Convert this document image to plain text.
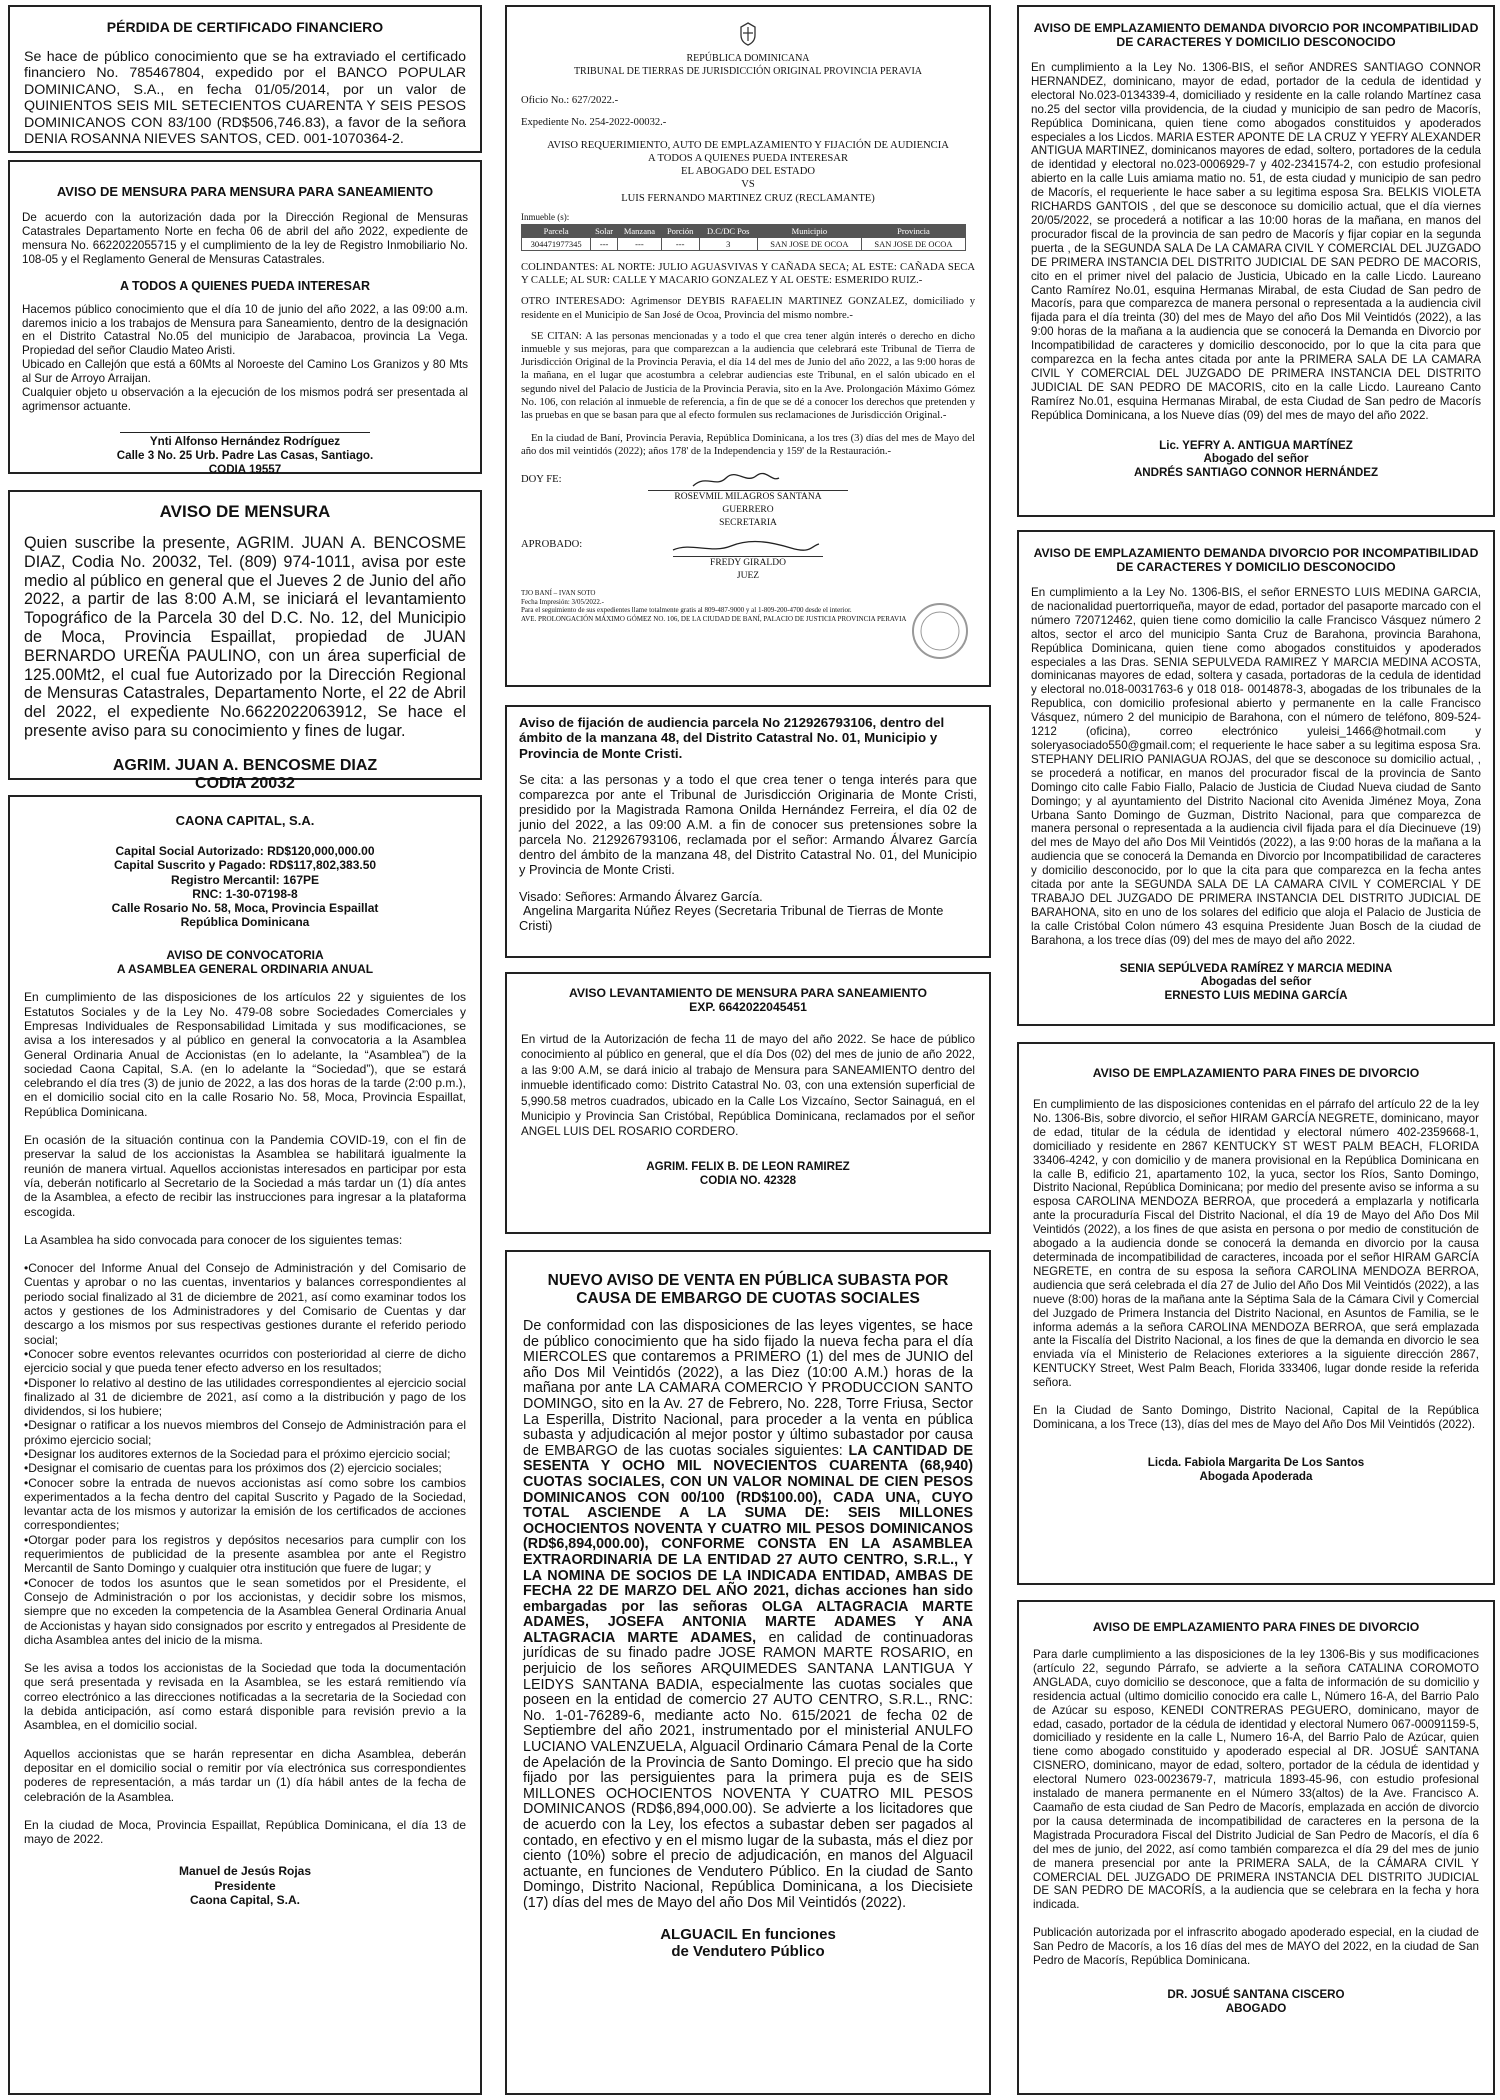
PÉRDIDA DE CERTIFICADO FINANCIERO

Se hace de público conocimiento que se ha extraviado el certificado financiero No. 785467804, expedido por el BANCO POPULAR DOMINICANO, S.A., en fecha 01/05/2014, por un valor de QUINIENTOS SEIS MIL SETECIENTOS CUARENTA Y SEIS PESOS DOMINICANOS CON 83/100 (RD$506,746.83), a favor de la señora DENIA ROSANNA NIEVES SANTOS, CED. 001-1070364-2.

AVISO DE MENSURA PARA MENSURA PARA SANEAMIENTO

De acuerdo con la autorización dada por la Dirección Regional de Mensuras Catastrales Departamento Norte en fecha 06 de abril del año 2022, expediente de mensura No. 6622022055715 y el cumplimiento de la ley de Registro Inmobiliario No. 108-05 y el Reglamento General de Mensuras Catastrales.

A TODOS A QUIENES PUEDA INTERESAR

Hacemos público conocimiento que el día 10 de junio del año 2022, a las 09:00 a.m. daremos inicio a los trabajos de Mensura para Saneamiento, dentro de la designación en el Distrito Catastral No.05 del municipio de Jarabacoa, provincia La Vega. Propiedad del señor Claudio Mateo Aristi.

Ubicado en Callejón que está a 60Mts al Noroeste del Camino Los Granizos y 80 Mts al Sur de Arroyo Arraijan.

Cualquier objeto u observación a la ejecución de los mismos podrá ser presentada al agrimensor actuante.

Ynti Alfonso Hernández Rodríguez
Calle 3 No. 25 Urb. Padre Las Casas, Santiago.
CODIA 19557
AVISO DE MENSURA

Quien suscribe la presente, AGRIM. JUAN A. BENCOSME DIAZ, Codia No. 20032, Tel. (809) 974-1011, avisa por este medio al público en general que el Jueves 2 de Junio del año 2022, a partir de las 8:00 A.M, se iniciará el levantamiento Topográfico de la Parcela 30 del D.C. No. 12, del Municipio de Moca, Provincia Espaillat, propiedad de JUAN BERNARDO UREÑA PAULINO, con un área superficial de 125.00Mt2, el cual fue Autorizado por la Dirección Regional de Mensuras Catastrales, Departamento Norte, el 22 de Abril del 2022, el expediente No.6622022063912, Se hace el presente aviso para su conocimiento y fines de lugar.

AGRIM. JUAN A. BENCOSME DIAZ
CODIA 20032
CAONA CAPITAL, S.A.
Capital Social Autorizado: RD$120,000,000.00
Capital Suscrito y Pagado: RD$117,802,383.50
Registro Mercantil: 167PE
RNC: 1-30-07198-8
Calle Rosario No. 58, Moca, Provincia Espaillat
República Dominicana
AVISO DE CONVOCATORIA
A ASAMBLEA GENERAL ORDINARIA ANUAL

En cumplimiento de las disposiciones de los artículos 22 y siguientes de los Estatutos Sociales y de la Ley No. 479-08 sobre Sociedades Comerciales y Empresas Individuales de Responsabilidad Limitada y sus modificaciones, se avisa a los interesados y al público en general la convocatoria a la Asamblea General Ordinaria Anual de Accionistas (en lo adelante, la “Asamblea”) de la sociedad Caona Capital, S.A. (en lo adelante la “Sociedad”), que se estará celebrando el día tres (3) de junio de 2022, a las dos horas de la tarde (2:00 p.m.), en el domicilio social cito en la calle Rosario No. 58, Moca, Provincia Espaillat, República Dominicana.

En ocasión de la situación continua con la Pandemia COVID-19, con el fin de preservar la salud de los accionistas la Asamblea se habilitará igualmente la reunión de manera virtual. Aquellos accionistas interesados en participar por esta vía, deberán notificarlo al Secretario de la Sociedad a más tardar un (1) día antes de la Asamblea, a efecto de recibir las instrucciones para ingresar a la plataforma escogida.

La Asamblea ha sido convocada para conocer de los siguientes temas:

• Conocer del Informe Anual del Consejo de Administración y del Comisario de Cuentas y aprobar o no las cuentas, inventarios y balances correspondientes al periodo social finalizado al 31 de diciembre de 2021, así como examinar todos los actos y gestiones de los Administradores y del Comisario de Cuentas y dar descargo a los mismos por sus respectivas gestiones durante el referido periodo social;
• Conocer sobre eventos relevantes ocurridos con posterioridad al cierre de dicho ejercicio social y que pueda tener efecto adverso en los resultados;
• Disponer lo relativo al destino de las utilidades correspondientes al ejercicio social finalizado al 31 de diciembre de 2021, así como a la distribución y pago de los dividendos, si los hubiere;
• Designar o ratificar a los nuevos miembros del Consejo de Administración para el próximo ejercicio social;
• Designar los auditores externos de la Sociedad para el próximo ejercicio social;
• Designar el comisario de cuentas para los próximos dos (2) ejercicio sociales;
• Conocer sobre la entrada de nuevos accionistas así como sobre los cambios experimentados a la fecha dentro del capital Suscrito y Pagado de la Sociedad, levantar acta de los mismos y autorizar la emisión de los certificados de acciones correspondientes;
• Otorgar poder para los registros y depósitos necesarios para cumplir con los requerimientos de publicidad de la presente asamblea por ante el Registro Mercantil de Santo Domingo y cualquier otra institución que fuere de lugar; y
• Conocer de todos los asuntos que le sean sometidos por el Presidente, el Consejo de Administración o por los accionistas, y decidir sobre los mismos, siempre que no exceden la competencia de la Asamblea General Ordinaria Anual de Accionistas y hayan sido consignados por escrito y entregados al Presidente de dicha Asamblea antes del inicio de la misma.

Se les avisa a todos los accionistas de la Sociedad que toda la documentación que será presentada y revisada en la Asamblea, se les estará remitiendo vía correo electrónico a las direcciones notificadas a la secretaria de la Sociedad con la debida anticipación, así como estará disponible para revisión previo a la Asamblea, en el domicilio social.

Aquellos accionistas que se harán representar en dicha Asamblea, deberán depositar en el domicilio social o remitir por vía electrónica sus correspondientes poderes de representación, a más tardar un (1) día hábil antes de la fecha de celebración de la Asamblea.

En la ciudad de Moca, Provincia Espaillat, República Dominicana, el día 13 de mayo de 2022.

Manuel de Jesús Rojas
Presidente
Caona Capital, S.A.
REPÚBLICA DOMINICANA
TRIBUNAL DE TIERRAS DE JURISDICCIÓN ORIGINAL PROVINCIA PERAVIA
Oficio No.: 627/2022.-
Expediente No. 254-2022-00032.-
AVISO REQUERIMIENTO, AUTO DE EMPLAZAMIENTO Y FIJACIÓN DE AUDIENCIA
A TODOS A QUIENES PUEDA INTERESAR
EL ABOGADO DEL ESTADO
VS
LUIS FERNANDO MARTINEZ CRUZ (RECLAMANTE)
Inmueble (s):
Parcela	Solar	Manzana	Porción	D.C/DC Pos	Municipio	Provincia
304471977345	---	---	---	3	SAN JOSE DE OCOA	SAN JOSE DE OCOA

COLINDANTES: AL NORTE: JULIO AGUASVIVAS Y CAÑADA SECA; AL ESTE: CAÑADA SECA Y CALLE; AL SUR: CALLE Y MACARIO GONZALEZ Y AL OESTE: ESMERIDO RUIZ.-

OTRO INTERESADO: Agrimensor DEYBIS RAFAELIN MARTINEZ GONZALEZ, domiciliado y residente en el Municipio de San José de Ocoa, Provincia del mismo nombre.-

SE CITAN: A las personas mencionadas y a todo el que crea tener algún interés o derecho en dicho inmueble y sus mejoras, para que comparezcan a la audiencia que celebrará este Tribunal de Tierra de Jurisdicción Original de la Provincia Peravia, el día 14 del mes de Junio del año 2022, a las 9:00 horas de la mañana, en el lugar que acostumbra a celebrar audiencias este Tribunal, en el salón ubicado en el segundo nivel del Palacio de Justicia de la Provincia Peravia, sito en la Ave. Prolongación Máximo Gómez No. 106, con relación al inmueble de referencia, a fin de que se dé a conocer los derechos que pretenden y las pruebas en que se basan para que al efecto formulen sus reclamaciones de Jurisdicción Original.-

En la ciudad de Baní, Provincia Peravia, República Dominicana, a los tres (3) días del mes de Mayo del año dos mil veintidós (2022); años 178' de la Independencia y 159' de la Restauración.-

DOY FE:
ROSEVMIL MILAGROS SANTANA GUERRERO
SECRETARIA
APROBADO:
FREDY GIRALDO
JUEZ
TJO BANÍ – IVAN SOTO
Fecha Impresión: 3/05/2022.-
Para el seguimiento de sus expedientes llame totalmente gratis al 809-487-9000 y al 1-809-200-4700 desde el interior.
AVE. PROLONGACIÓN MÁXIMO GÓMEZ NO. 106, DE LA CIUDAD DE BANÍ, PALACIO DE JUSTICIA PROVINCIA PERAVIA
Aviso de fijación de audiencia parcela No 212926793106, dentro del ámbito de la manzana 48, del Distrito Catastral No. 01, Municipio y Provincia de Monte Cristi.

Se cita: a las personas y a todo el que crea tener o tenga interés para que comparezca por ante el Tribunal de Jurisdicción Originaria de Monte Cristi, presidido por la Magistrada Ramona Onilda Hernández Ferreira, el día 02 de junio del 2022, a las 09:00 A.M. a fin de conocer sus pretensiones sobre la parcela No. 212926793106, reclamada por el señor: Armando Álvarez García dentro del ámbito de la manzana 48, del Distrito Catastral No. 01, del Municipio y Provincia de Monte Cristi.

Visado: Señores: Armando Álvarez García.
Angelina Margarita Núñez Reyes (Secretaria Tribunal de Tierras de Monte Cristi)
AVISO LEVANTAMIENTO DE MENSURA PARA SANEAMIENTO
EXP. 6642022045451

En virtud de la Autorización de fecha 11 de mayo del año 2022. Se hace de público conocimiento al público en general, que el día Dos (02) del mes de junio de año 2022, a las 9:00 A.M, se dará inicio al trabajo de Mensura para SANEAMIENTO dentro del inmueble identificado como: Distrito Catastral No. 03, con una extensión superficial de 5,990.58 metros cuadrados, ubicado en la Calle Los Vizcaíno, Sector Sainaguá, en el Municipio y Provincia San Cristóbal, República Dominicana, reclamados por el señor ANGEL LUIS DEL ROSARIO CORDERO.

AGRIM. FELIX B. DE LEON RAMIREZ
CODIA NO. 42328
NUEVO AVISO DE VENTA EN PÚBLICA SUBASTA POR CAUSA DE EMBARGO DE CUOTAS SOCIALES

De conformidad con las disposiciones de las leyes vigentes, se hace de público conocimiento que ha sido fijado la nueva fecha para el día MIERCOLES que contaremos a PRIMERO (1) del mes de JUNIO del año Dos Mil Veintidós (2022), a las Diez (10:00 A.M.) horas de la mañana por ante LA CAMARA COMERCIO Y PRODUCCION SANTO DOMINGO, sito en la Av. 27 de Febrero, No. 228, Torre Friusa, Sector La Esperilla, Distrito Nacional, para proceder a la venta en pública subasta y adjudicación al mejor postor y último subastador por causa de EMBARGO de las cuotas sociales siguientes: LA CANTIDAD DE SESENTA Y OCHO MIL NOVECIENTOS CUARENTA (68,940) CUOTAS SOCIALES, CON UN VALOR NOMINAL DE CIEN PESOS DOMINICANOS CON 00/100 (RD$100.00), CADA UNA, CUYO TOTAL ASCIENDE A LA SUMA DE: SEIS MILLONES OCHOCIENTOS NOVENTA Y CUATRO MIL PESOS DOMINICANOS (RD$6,894,000.00), CONFORME CONSTA EN LA ASAMBLEA EXTRAORDINARIA DE LA ENTIDAD 27 AUTO CENTRO, S.R.L., Y LA NOMINA DE SOCIOS DE LA INDICADA ENTIDAD, AMBAS DE FECHA 22 DE MARZO DEL AÑO 2021, dichas acciones han sido embargadas por las señoras OLGA ALTAGRACIA MARTE ADAMES, JOSEFA ANTONIA MARTE ADAMES Y ANA ALTAGRACIA MARTE ADAMES, en calidad de continuadoras jurídicas de su finado padre JOSE RAMON MARTE ROSARIO, en perjuicio de los señores ARQUIMEDES SANTANA LANTIGUA Y LEIDYS SANTANA BADIA, especialmente las cuotas sociales que poseen en la entidad de comercio 27 AUTO CENTRO, S.R.L., RNC: No. 1-01-76289-6, mediante acto No. 615/2021 de fecha 02 de Septiembre del año 2021, instrumentado por el ministerial ANULFO LUCIANO VALENZUELA, Alguacil Ordinario Cámara Penal de la Corte de Apelación de la Provincia de Santo Domingo. El precio que ha sido fijado por las persiguientes para la primera puja es de SEIS MILLONES OCHOCIENTOS NOVENTA Y CUATRO MIL PESOS DOMINICANOS (RD$6,894,000.00). Se advierte a los licitadores que de acuerdo con la Ley, los efectos a subastar deben ser pagados al contado, en efectivo y en el mismo lugar de la subasta, más el diez por ciento (10%) sobre el precio de adjudicación, en manos del Alguacil actuante, en funciones de Vendutero Público. En la ciudad de Santo Domingo, Distrito Nacional, República Dominicana, a los Diecisiete (17) días del mes de Mayo del año Dos Mil Veintidós (2022).

ALGUACIL En funciones
de Vendutero Público
AVISO DE EMPLAZAMIENTO DEMANDA DIVORCIO POR INCOMPATIBILIDAD DE CARACTERES Y DOMICILIO DESCONOCIDO

En cumplimiento a la Ley No. 1306-BIS, el señor ANDRES SANTIAGO CONNOR HERNANDEZ, dominicano, mayor de edad, portador de la cedula de identidad y electoral No.023-0134339-4, domiciliado y residente en la calle rolando Martínez casa no.25 del sector villa providencia, de la ciudad y municipio de san pedro de Macorís, República Dominicana, quien tiene como abogados constituidos y apoderados especiales a los Licdos. MARIA ESTER APONTE DE LA CRUZ Y YEFRY ALEXANDER ANTIGUA MARTINEZ, dominicanos mayores de edad, soltero, portadores de la cedula de identidad y electoral no.023-0006929-7 y 402-2341574-2, con estudio profesional abierto en la calle Luis amiama matio no. 51, de esta ciudad y municipio de san pedro de Macorís, el requeriente le hace saber a su legitima esposa Sra. BELKIS VIOLETA RICHARDS GANTOIS , del que se desconoce su domicilio actual, que el día viernes 20/05/2022, se procederá a notificar a las 10:00 horas de la mañana, en manos del procurador fiscal de la provincia de san pedro de Macorís y fijar copiar en la segunda puerta , de la SEGUNDA SALA De LA CAMARA CIVIL Y COMERCIAL DEL JUZGADO DE PRIMERA INSTANCIA DEL DISTRITO JUDICIAL DE SAN PEDRO DE MACORIS, cito en el primer nivel del palacio de Justicia, Ubicado en la calle Licdo. Laureano Canto Ramírez No.01, esquina Hermanas Mirabal, de esta Ciudad de San pedro de Macorís, para que comparezca de manera personal o representada a la audiencia civil fijada para el día treinta (30) del mes de Mayo del año Dos Mil Veintidós (2022), a las 9:00 horas de la mañana a la audiencia que se conocerá la Demanda en Divorcio por Incompatibilidad de caracteres y domicilio desconocido, por lo que la cita para que comparezca en la fecha antes citada por ante la PRIMERA SALA DE LA CAMARA CIVIL Y COMERCIAL DEL JUZGADO DE PRIMERA INSTANCIA DEL DISTRITO JUDICIAL DE SAN PEDRO DE MACORIS, cito en la calle Licdo. Laureano Canto Ramírez No.01, esquina Hermanas Mirabal, de esta Ciudad de San pedro de Macorís República Dominicana, a los Nueve días (09) del mes de mayo del año 2022.

Lic. YEFRY A. ANTIGUA MARTÍNEZ
Abogado del señor
ANDRÉS SANTIAGO CONNOR HERNÁNDEZ
AVISO DE EMPLAZAMIENTO DEMANDA DIVORCIO POR INCOMPATIBILIDAD DE CARACTERES Y DOMICILIO DESCONOCIDO

En cumplimiento a la Ley No. 1306-BIS, el señor ERNESTO LUIS MEDINA GARCIA, de nacionalidad puertorriqueña, mayor de edad, portador del pasaporte marcado con el número 720712462, quien tiene como domicilio la calle Francisco Vásquez número 2 altos, sector el arco del municipio Santa Cruz de Barahona, provincia Barahona, República Dominicana, quien tiene como abogados constituidos y apoderados especiales a las Dras. SENIA SEPULVEDA RAMIREZ Y MARCIA MEDINA ACOSTA, dominicanas mayores de edad, soltera y casada, portadoras de la cedula de identidad y electoral no.018-0031763-6 y 018 018- 0014878-3, abogadas de los tribunales de la Republica, con domicilio profesional abierto y permanente en la calle Francisco Vásquez, número 2 del municipio de Barahona, con el número de teléfono, 809-524-1212 (oficina), correo electrónico yuleisi_1466@hotmail.com y soleryasociado550@gmail.com; el requeriente le hace saber a su legitima esposa Sra. STEPHANY DELIRIO PANIAGUA ROJAS, del que se desconoce su domicilio actual, , se procederá a notificar, en manos del procurador fiscal de la provincia de Santo Domingo cito calle Fabio Fiallo, Palacio de Justicia de Ciudad Nueva ciudad de Santo Domingo; y al ayuntamiento del Distrito Nacional cito Avenida Jiménez Moya, Zona Urbana Santo Domingo de Guzman, Distrito Nacional, para que comparezca de manera personal o representada a la audiencia civil fijada para el día Diecinueve (19) del mes de Mayo del año Dos Mil Veintidós (2022), a las 9:00 horas de la mañana a la audiencia que se conocerá la Demanda en Divorcio por Incompatibilidad de caracteres y domicilio desconocido, por lo que la cita para que comparezca en la fecha antes citada por ante la SEGUNDA SALA DE LA CAMARA CIVIL Y COMERCIAL Y DE TRABAJO DEL JUZGADO DE PRIMERA INSTANCIA DEL DISTRITO JUDICIAL DE BARAHONA, sito en uno de los solares del edificio que aloja el Palacio de Justicia de la calle Cristóbal Colon número 43 esquina Presidente Juan Bosch de la ciudad de Barahona, a los trece días (09) del mes de mayo del año 2022.

SENIA SEPÚLVEDA RAMÍREZ Y MARCIA MEDINA
Abogadas del señor
ERNESTO LUIS MEDINA GARCÍA
AVISO DE EMPLAZAMIENTO PARA FINES DE DIVORCIO

En cumplimiento de las disposiciones contenidas en el párrafo del artículo 22 de la ley No. 1306-Bis, sobre divorcio, el señor HIRAM GARCÍA NEGRETE, dominicano, mayor de edad, titular de la cédula de identidad y electoral número 402-2359668-1, domiciliado y residente en 2867 KENTUCKY ST WEST PALM BEACH, FLORIDA 33406-4242, y con domicilio y de manera provisional en la República Dominicana en la calle B, edificio 21, apartamento 102, la yuca, sector los Ríos, Santo Domingo, Distrito Nacional, República Dominicana; por medio del presente aviso se informa a su esposa CAROLINA MENDOZA BERROA, que procederá a emplazarla y notificarla ante la procuraduría Fiscal del Distrito Nacional, el día 19 de Mayo del Año Dos Mil Veintidós (2022), a los fines de que asista en persona o por medio de constitución de abogado a la audiencia donde se conocerá la demanda en divorcio por la causa determinada de incompatibilidad de caracteres, incoada por el señor HIRAM GARCÍA NEGRETE, en contra de su esposa la señora CAROLINA MENDOZA BERROA, audiencia que será celebrada el día 27 de Julio del Año Dos Mil Veintidós (2022), a las nueve (8:00) horas de la mañana ante la Séptima Sala de la Cámara Civil y Comercial del Juzgado de Primera Instancia del Distrito Nacional, en Asuntos de Familia, se le informa además a la señora CAROLINA MENDOZA BERROA, que será emplazada ante la Fiscalía del Distrito Nacional, a los fines de que la demanda en divorcio le sea enviada vía el Ministerio de Relaciones exteriores a la siguiente dirección 2867, KENTUCKY Street, West Palm Beach, Florida 333406, lugar donde reside la referida señora.

En la Ciudad de Santo Domingo, Distrito Nacional, Capital de la República Dominicana, a los Trece (13), días del mes de Mayo del Año Dos Mil Veintidós (2022).

Licda. Fabiola Margarita De Los Santos
Abogada Apoderada
AVISO DE EMPLAZAMIENTO PARA FINES DE DIVORCIO

Para darle cumplimiento a las disposiciones de la ley 1306-Bis y sus modificaciones (artículo 22, segundo Párrafo, se advierte a la señora CATALINA COROMOTO ANGLADA, cuyo domicilio se desconoce, que a falta de información de su domicilio y residencia actual (ultimo domicilio conocido era calle L, Número 16-A, del Barrio Palo de Azúcar su esposo, KENEDI CONTRERAS PEGUERO, dominicano, mayor de edad, casado, portador de la cédula de identidad y electoral Numero 067-00091159-5, domiciliado y residente en la calle L, Numero 16-A, del Barrio Palo de Azúcar, quien tiene como abogado constituido y apoderado especial al DR. JOSUÉ SANTANA CISNERO, dominicano, mayor de edad, soltero, portador de la cédula de identidad y electoral Numero 023-0023679-7, matricula 1893-45-96, con estudio profesional instalado de manera permanente en el Número 33(altos) de la Ave. Francisco A. Caamaño de esta ciudad de San Pedro de Macorís, emplazada en acción de divorcio por la causa determinada de incompatibilidad de caracteres en la persona de la Magistrada Procuradora Fiscal del Distrito Judicial de San Pedro de Macorís, el día 6 del mes de junio, del 2022, así como también comparezca el día 29 del mes de junio de manera presencial por ante la PRIMERA SALA, de la CÁMARA CIVIL Y COMERCIAL DEL JUZGADO DE PRIMERA INSTANCIA DEL DISTRITO JUDICIAL DE SAN PEDRO DE MACORÍS, a la audiencia que se celebrara en la fecha y hora indicada.

Publicación autorizada por el infrascrito abogado apoderado especial, en la ciudad de San Pedro de Macorís, a los 16 días del mes de MAYO del 2022, en la ciudad de San Pedro de Macorís, República Dominicana.

DR. JOSUÉ SANTANA CISCERO
ABOGADO
